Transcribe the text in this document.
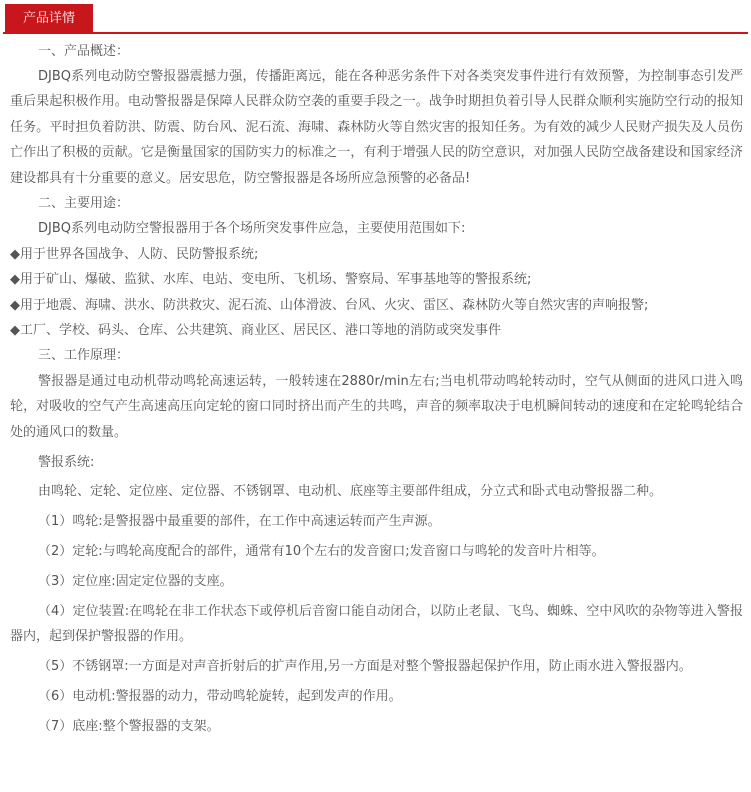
产品详情

一、产品概述：

DJBQ系列电动防空警报器震撼力强，传播距离远，能在各种恶劣条件下对各类突发事件进行有效预警，为控制事态引发严重后果起积极作用。电动警报器是保障人民群众防空袭的重要手段之一。战争时期担负着引导人民群众顺利实施防空行动的报知任务。平时担负着防洪、防震、防台风、泥石流、海啸、森林防火等自然灾害的报知任务。为有效的减少人民财产损失及人员伤亡作出了积极的贡献。它是衡量国家的国防实力的标准之一，有利于增强人民的防空意识，对加强人民防空战备建设和国家经济建设都具有十分重要的意义。居安思危，防空警报器是各场所应急预警的必备品!

二、主要用途：

DJBQ系列电动防空警报器用于各个场所突发事件应急，主要使用范围如下:

◆用于世界各国战争、人防、民防警报系统;

◆用于矿山、爆破、监狱、水库、电站、变电所、飞机场、警察局、军事基地等的警报系统;

◆用于地震、海啸、洪水、防洪救灾、泥石流、山体滑波、台风、火灾、雷区、森林防火等自然灾害的声响报警;

◆工厂、学校、码头、仓库、公共建筑、商业区、居民区、港口等地的消防或突发事件

三、工作原理：

警报器是通过电动机带动鸣轮高速运转，一般转速在2880r/min左右;当电机带动鸣轮转动时，空气从侧面的进风口进入鸣轮，对吸收的空气产生高速高压向定轮的窗口同时挤出而产生的共鸣，声音的频率取决于电机瞬间转动的速度和在定轮鸣轮结合处的通风口的数量。

警报系统:

由鸣轮、定轮、定位座、定位器、不锈钢罩、电动机、底座等主要部件组成，分立式和卧式电动警报器二种。

（1）鸣轮:是警报器中最重要的部件，在工作中高速运转而产生声源。

（2）定轮:与鸣轮高度配合的部件，通常有10个左右的发音窗口;发音窗口与鸣轮的发音叶片相等。

（3）定位座:固定定位器的支座。

（4）定位装置:在鸣轮在非工作状态下或停机后音窗口能自动闭合，以防止老鼠、飞鸟、蜘蛛、空中风吹的杂物等进入警报器内，起到保护警报器的作用。

（5）不锈钢罩:一方面是对声音折射后的扩声作用,另一方面是对整个警报器起保护作用，防止雨水进入警报器内。

（6）电动机:警报器的动力，带动鸣轮旋转，起到发声的作用。

（7）底座:整个警报器的支架。
